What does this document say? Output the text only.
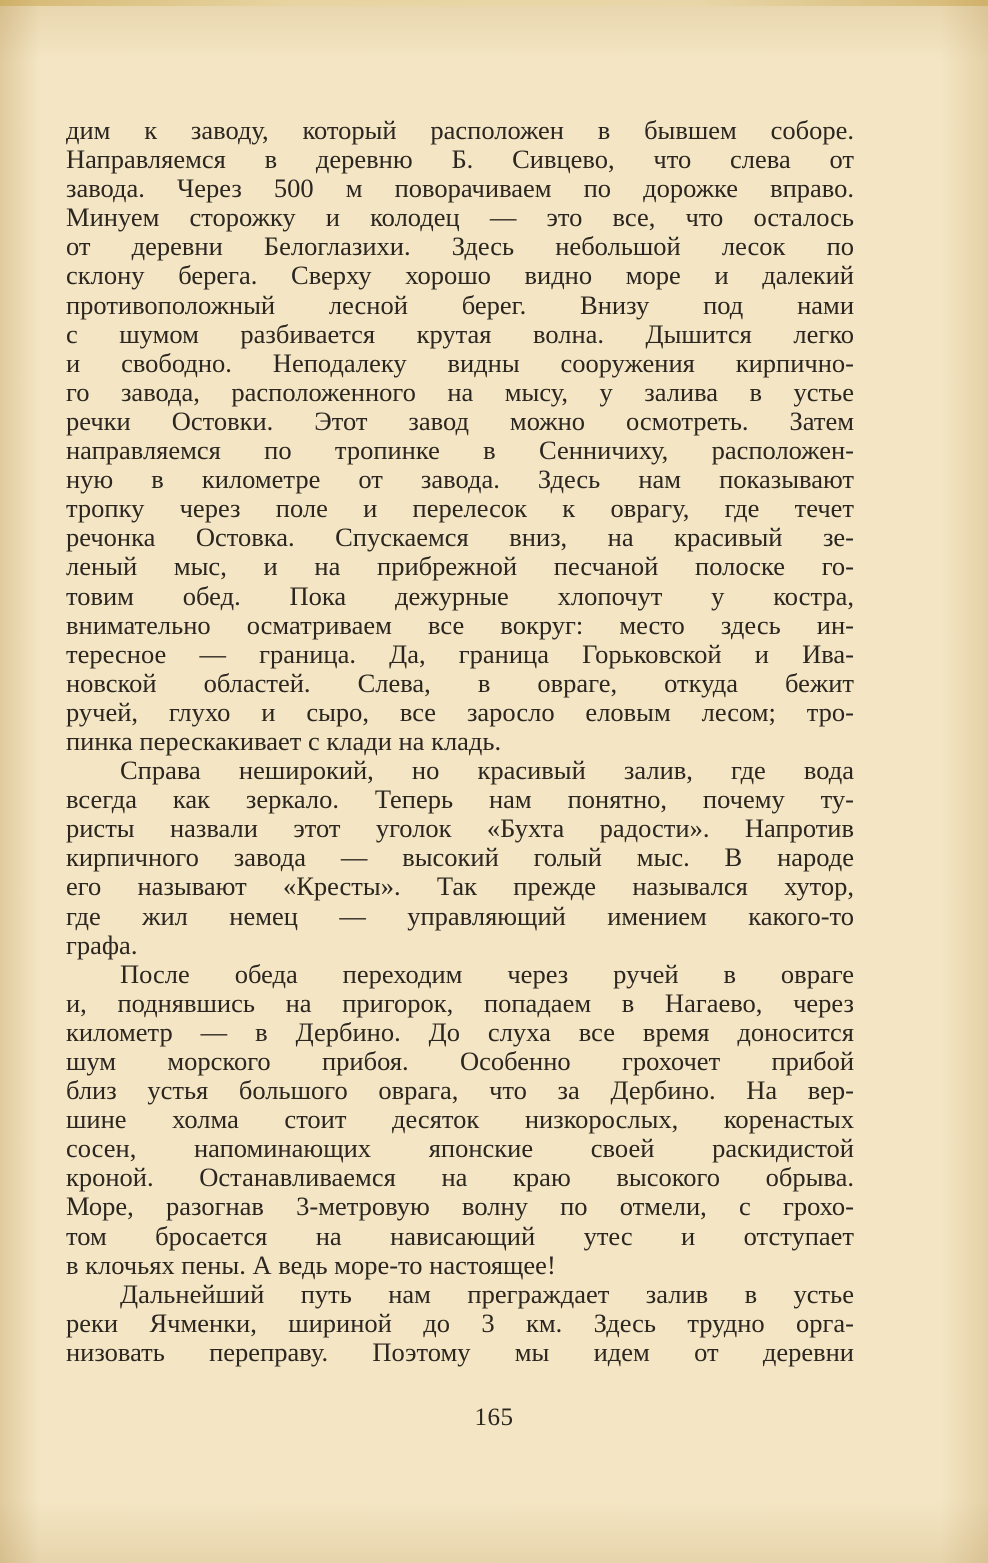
дим к заводу, который расположен в бывшем соборе.
Направляемся в деревню Б. Сивцево, что слева от
завода. Через 500 м поворачиваем по дорожке вправо.
Минуем сторожку и колодец — это все, что осталось
от деревни Белоглазихи. Здесь небольшой лесок по
склону берега. Сверху хорошо видно море и далекий
противоположный лесной берег. Внизу под нами
с шумом разбивается крутая волна. Дышится легко
и свободно. Неподалеку видны сооружения кирпично-
го завода, расположенного на мысу, у залива в устье
речки Остовки. Этот завод можно осмотреть. Затем
направляемся по тропинке в Сенничиху, расположен-
ную в километре от завода. Здесь нам показывают
тропку через поле и перелесок к оврагу, где течет
речонка Остовка. Спускаемся вниз, на красивый зе-
леный мыс, и на прибрежной песчаной полоске го-
товим обед. Пока дежурные хлопочут у костра,
внимательно осматриваем все вокруг: место здесь ин-
тересное — граница. Да, граница Горьковской и Ива-
новской областей. Слева, в овраге, откуда бежит
ручей, глухо и сыро, все заросло еловым лесом; тро-
пинка перескакивает с клади на кладь.
Справа неширокий, но красивый залив, где вода
всегда как зеркало. Теперь нам понятно, почему ту-
ристы назвали этот уголок «Бухта радости». Напротив
кирпичного завода — высокий голый мыс. В народе
его называют «Кресты». Так прежде назывался хутор,
где жил немец — управляющий имением какого-то
графа.
После обеда переходим через ручей в овраге
и, поднявшись на пригорок, попадаем в Нагаево, через
километр — в Дербино. До слуха все время доносится
шум морского прибоя. Особенно грохочет прибой
близ устья большого оврага, что за Дербино. На вер-
шине холма стоит десяток низкорослых, коренастых
сосен, напоминающих японские своей раскидистой
кроной. Останавливаемся на краю высокого обрыва.
Море, разогнав 3-метровую волну по отмели, с грохо-
том бросается на нависающий утес и отступает
в клочьях пены. А ведь море-то настоящее!
Дальнейший путь нам преграждает залив в устье
реки Ячменки, шириной до 3 км. Здесь трудно орга-
низовать переправу. Поэтому мы идем от деревни
165
